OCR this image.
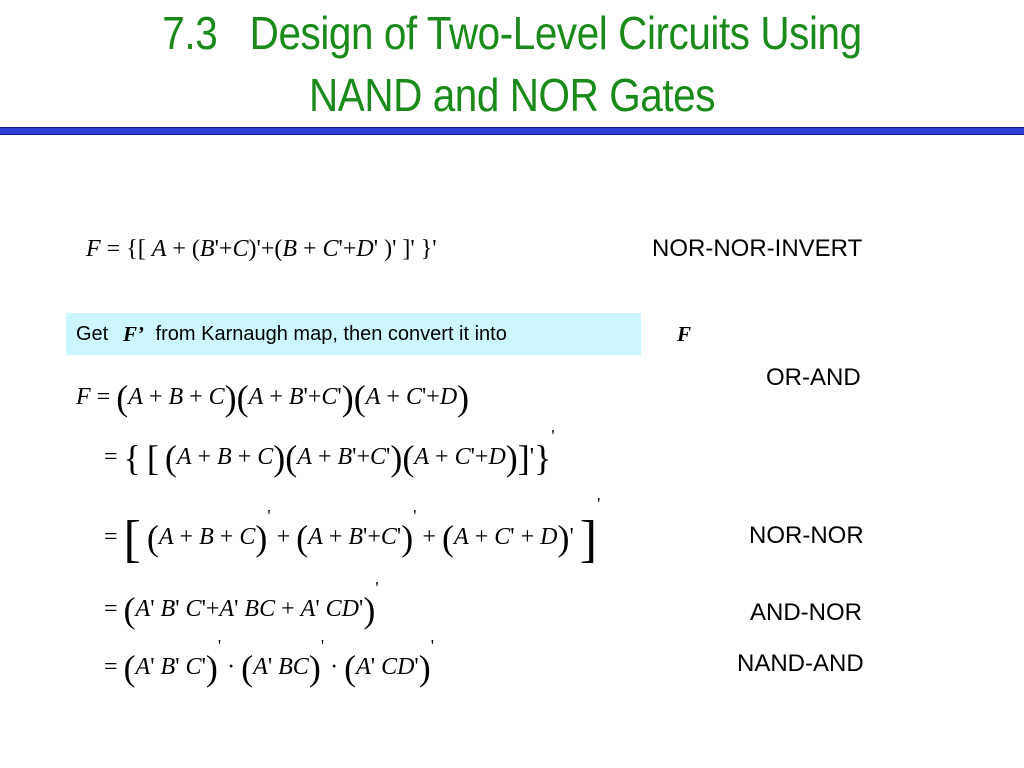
7.3   Design of Two-Level Circuits Using
NAND and NOR Gates
F = {[ A + (B'+C)'+(B + C'+D' )' ]' }'	NOR-NOR-INVERT
Get F’ from Karnaugh map, then convert it into	F
OR-AND
F = (A + B + C)(A + B'+C')(A + C'+D)
= { [ (A + B + C)(A + B'+C')(A + C'+D)]'}'
= [ (A + B + C)' + (A + B'+C')' + (A + C' + D)' ]'
NOR-NOR
= (A' B' C'+A' BC + A' CD')'
AND-NOR
= (A' B' C')' · (A' BC)' · (A' CD')'
NAND-AND
